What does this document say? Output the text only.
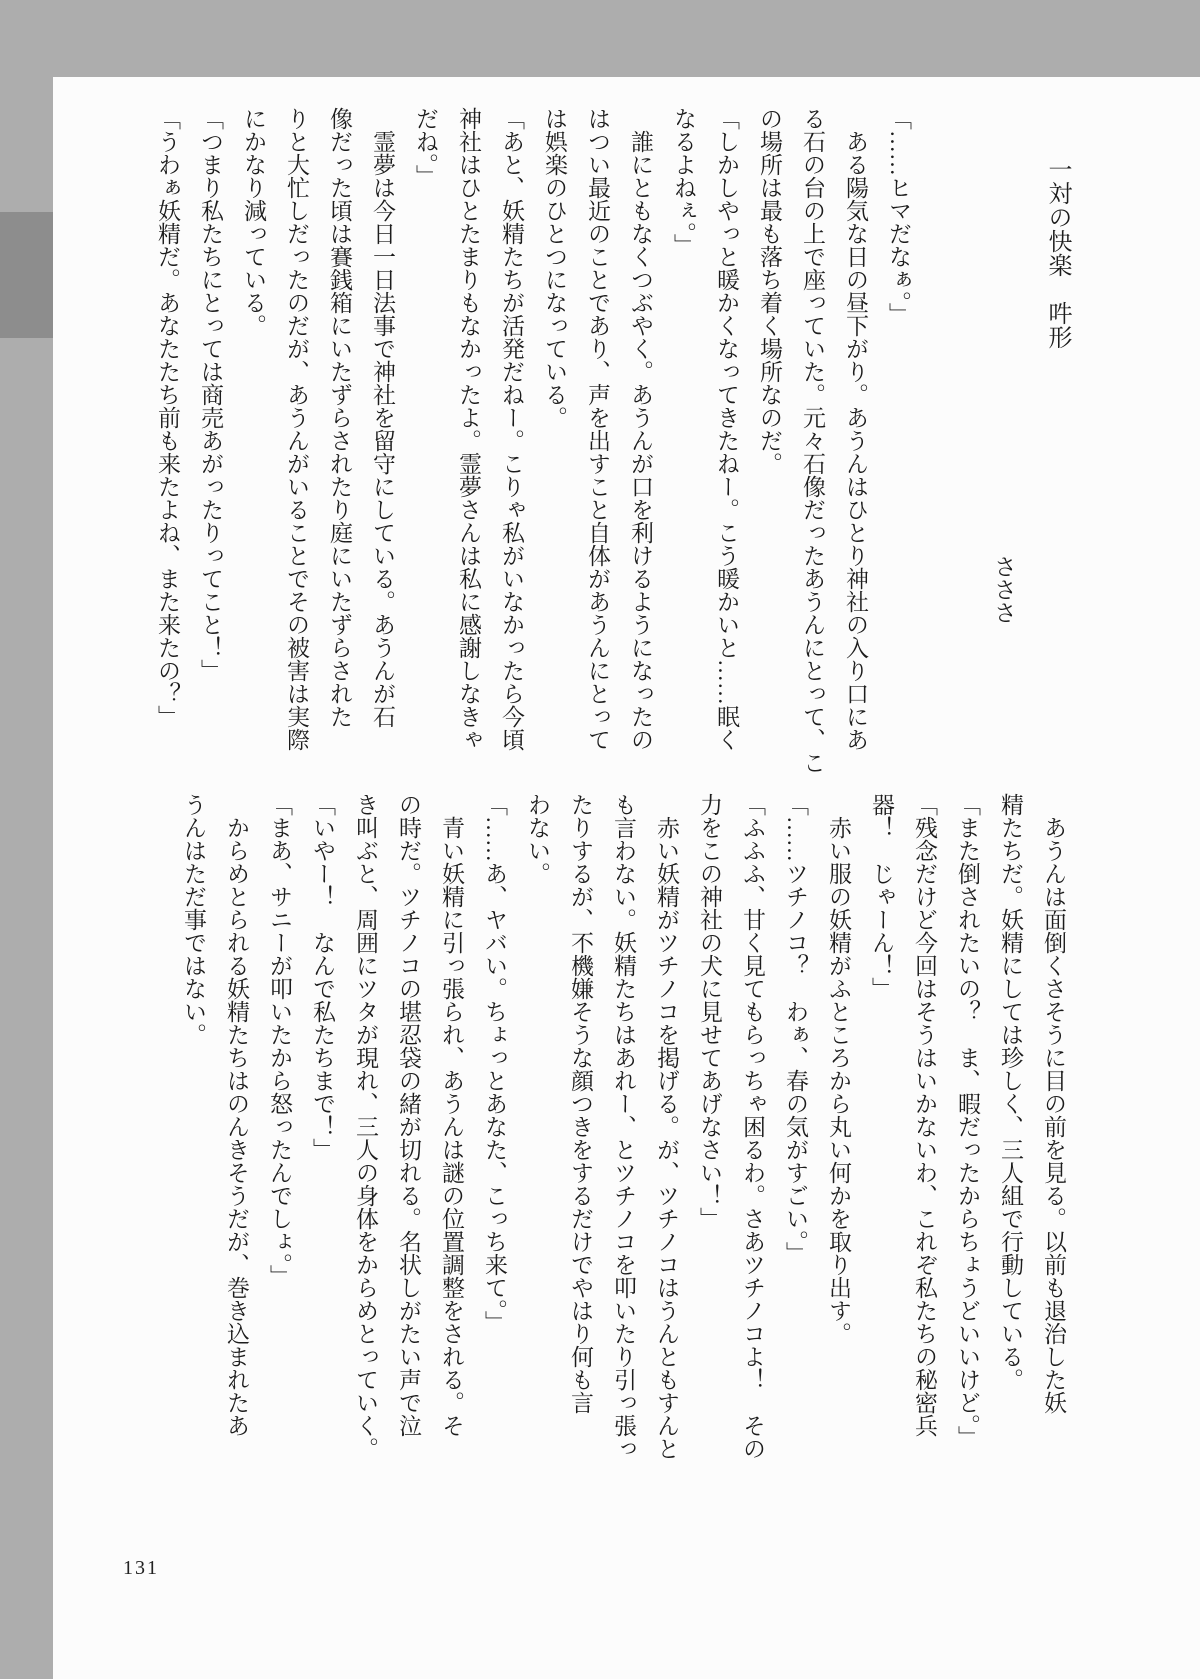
一対の快楽　吽形
さささ
「……ヒマだなぁ。」
　ある陽気な日の昼下がり。あうんはひとり神社の入り口にあ
る石の台の上で座っていた。元々石像だったあうんにとって、こ
の場所は最も落ち着く場所なのだ。
「しかしやっと暖かくなってきたねー。こう暖かいと……眠く
なるよねぇ。」
　誰にともなくつぶやく。あうんが口を利けるようになったの
はつい最近のことであり、声を出すこと自体があうんにとって
は娯楽のひとつになっている。
「あと、妖精たちが活発だねー。こりゃ私がいなかったら今頃
神社はひとたまりもなかったよ。霊夢さんは私に感謝しなきゃ
だね。」
　霊夢は今日一日法事で神社を留守にしている。あうんが石
像だった頃は賽銭箱にいたずらされたり庭にいたずらされた
りと大忙しだったのだが、あうんがいることでその被害は実際
にかなり減っている。
「つまり私たちにとっては商売あがったりってこと！」
「うわぁ妖精だ。あなたたち前も来たよね、また来たの？」
　あうんは面倒くさそうに目の前を見る。以前も退治した妖
精たちだ。妖精にしては珍しく、三人組で行動している。
「また倒されたいの？　ま、暇だったからちょうどいいけど。」
「残念だけど今回はそうはいかないわ、これぞ私たちの秘密兵
器！　じゃーん！」
　赤い服の妖精がふところから丸い何かを取り出す。
「……ツチノコ？　わぁ、春の気がすごい。」
「ふふふ、甘く見てもらっちゃ困るわ。さあツチノコよ！　その
力をこの神社の犬に見せてあげなさい！」
　赤い妖精がツチノコを掲げる。が、ツチノコはうんともすんと
も言わない。妖精たちはあれー、とツチノコを叩いたり引っ張っ
たりするが、不機嫌そうな顔つきをするだけでやはり何も言
わない。
「……あ、ヤバい。ちょっとあなた、こっち来て。」
　青い妖精に引っ張られ、あうんは謎の位置調整をされる。そ
の時だ。ツチノコの堪忍袋の緒が切れる。名状しがたい声で泣
き叫ぶと、周囲にツタが現れ、三人の身体をからめとっていく。
「いやー！　なんで私たちまで！」
「まあ、サニーが叩いたから怒ったんでしょ。」
　からめとられる妖精たちはのんきそうだが、巻き込まれたあ
うんはただ事ではない。
131
